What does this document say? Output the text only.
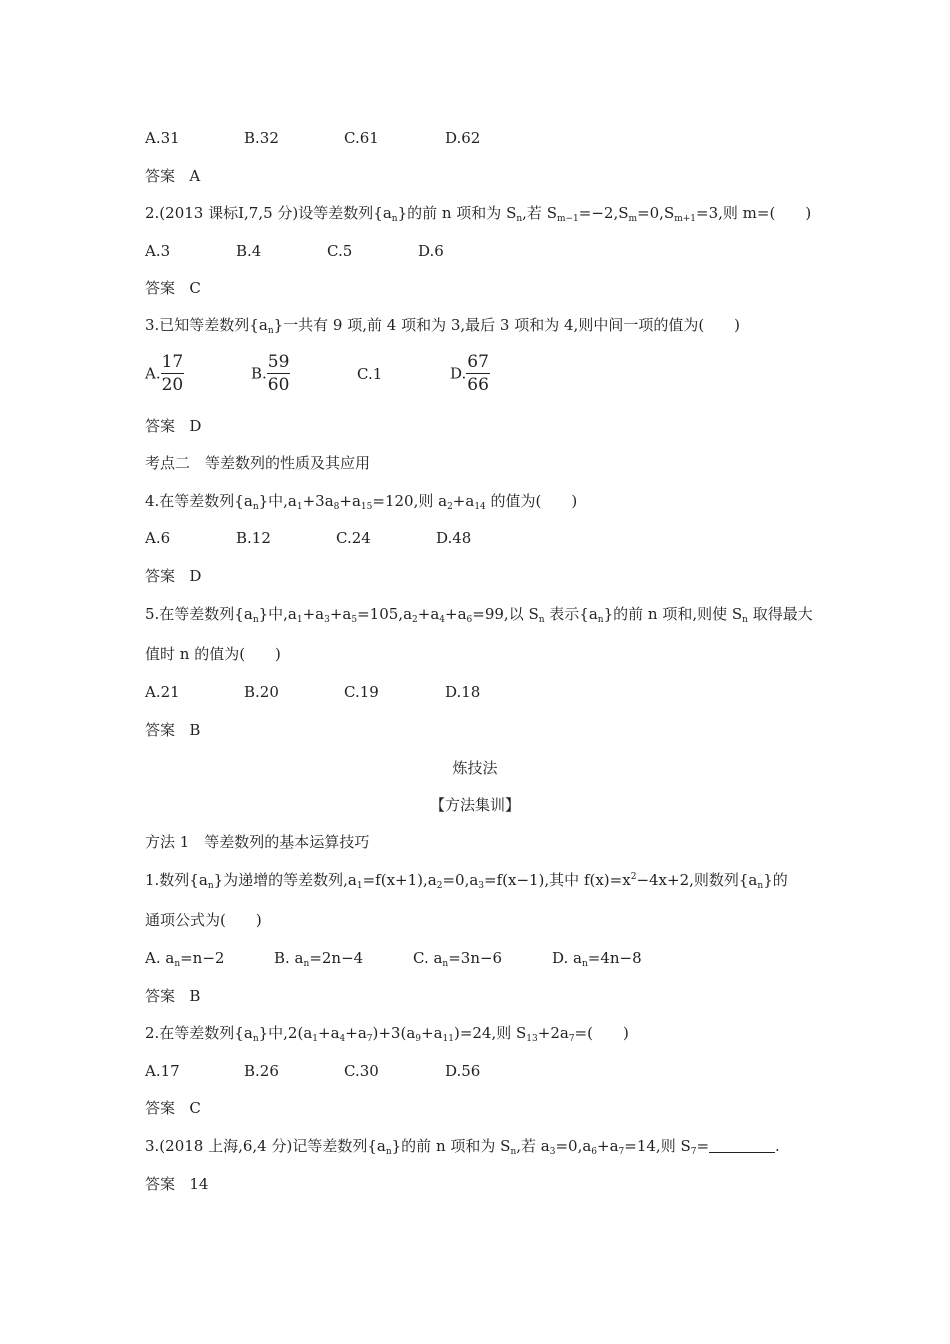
A.31	B.32	C.61	D.62
答案 A
2.(2013 课标Ⅰ,7,5 分)设等差数列$\{a_n\}$的前 n 项和为 $S_n$,若 $S_{m-1}=-2,S_m=0,S_{m+1}=3$,则 m=(　　)
A.3	B.4	C.5	D.6
答案 C
3.已知等差数列$\{a_n\}$一共有 9 项,前 4 项和为 3,最后 3 项和为 4,则中间一项的值为(　　)
A. $\frac{17}{20}$	B. $\frac{59}{60}$	C.1	D. $\frac{67}{66}$
答案 D
考点二　等差数列的性质及其应用
4.在等差数列$\{a_n\}$中$,a_1+3a_8+a_{15}=120$,则 $a_2+a_{14}$ 的值为(　　)
A.6	B.12	C.24	D.48
答案 D
5.在等差数列$\{a_n\}$中$,a_1+a_3+a_5=105,a_2+a_4+a_6=99$,以 $S_n$ 表示$\{a_n\}$的前 n 项和,则使 $S_n$ 取得最大
值时 n 的值为(　　)
A.21	B.20	C.19	D.18
答案 B
炼技法
【方法集训】
方法 1　等差数列的基本运算技巧
1.数列$\{a_n\}$为递增的等差数列$,a_1=f(x+1),a_2=0,a_3=f(x-1)$,其中 $f(x)=x^2-4x+2$,则数列$\{a_n\}$的
通项公式为(　　)
A. $a_n=n-2$	B. $a_n=2n-4$	C. $a_n=3n-6$	D. $a_n=4n-8$
答案 B
2.在等差数列$\{a_n\}$中$,2(a_1+a_4+a_7)+3(a_9+a_{11})=24$,则 $S_{13}+2a_7=$(　　)
A.17	B.26	C.30	D.56
答案 C
3.(2018 上海,6,4 分)记等差数列$\{a_n\}$的前 n 项和为 $S_n$,若 $a_3=0,a_6+a_7=14$,则 $S_7=$	.
答案 14
